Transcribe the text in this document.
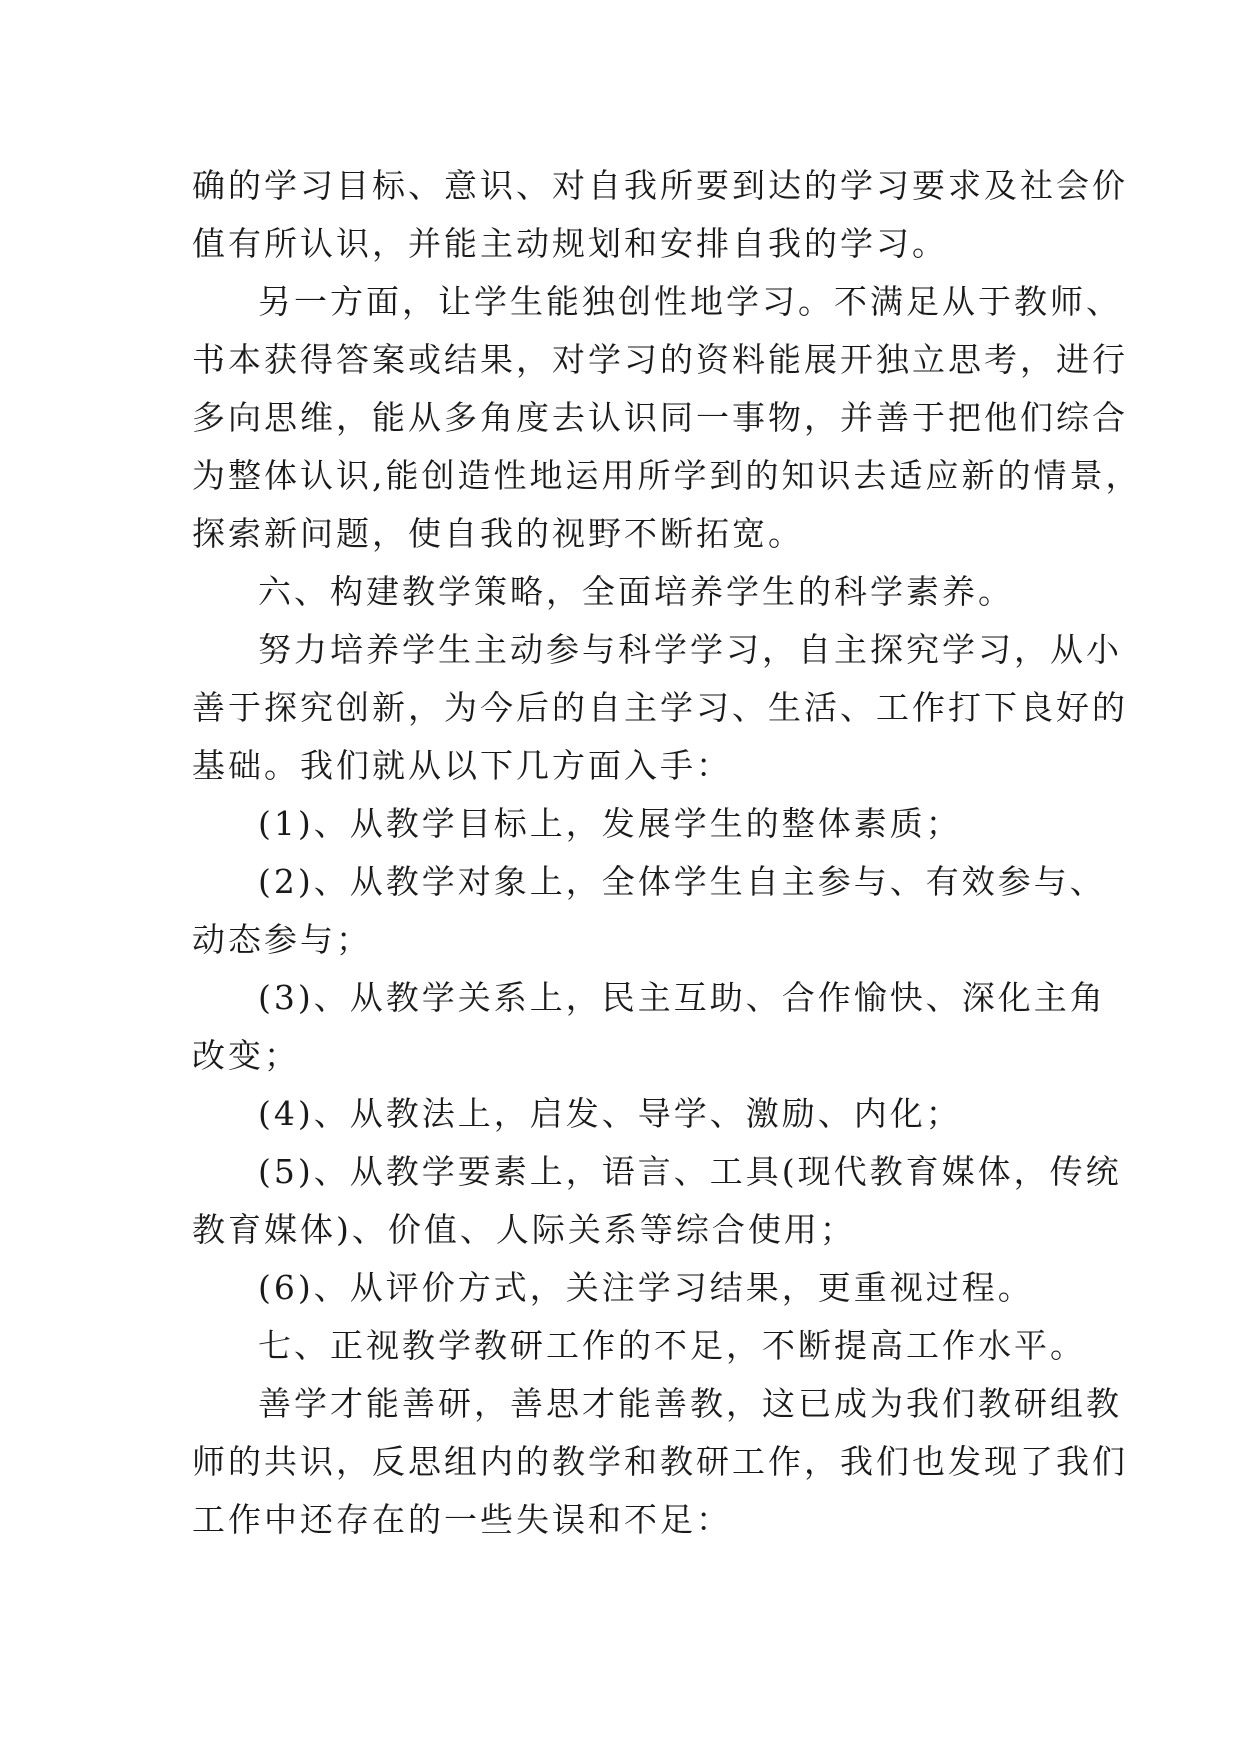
确的学习目标、意识、对自我所要到达的学习要求及社会价
值有所认识，并能主动规划和安排自我的学习。
另一方面，让学生能独创性地学习。不满足从于教师、
书本获得答案或结果，对学习的资料能展开独立思考，进行
多向思维，能从多角度去认识同一事物，并善于把他们综合
为整体认识,能创造性地运用所学到的知识去适应新的情景，
探索新问题，使自我的视野不断拓宽。
六、构建教学策略，全面培养学生的科学素养。
努力培养学生主动参与科学学习，自主探究学习，从小
善于探究创新，为今后的自主学习、生活、工作打下良好的
基础。我们就从以下几方面入手：
(1)、从教学目标上，发展学生的整体素质；
(2)、从教学对象上，全体学生自主参与、有效参与、
动态参与；
(3)、从教学关系上，民主互助、合作愉快、深化主角
改变；
(4)、从教法上，启发、导学、激励、内化；
(5)、从教学要素上，语言、工具(现代教育媒体，传统
教育媒体)、价值、人际关系等综合使用；
(6)、从评价方式，关注学习结果，更重视过程。
七、正视教学教研工作的不足，不断提高工作水平。
善学才能善研，善思才能善教，这已成为我们教研组教
师的共识，反思组内的教学和教研工作，我们也发现了我们
工作中还存在的一些失误和不足：
